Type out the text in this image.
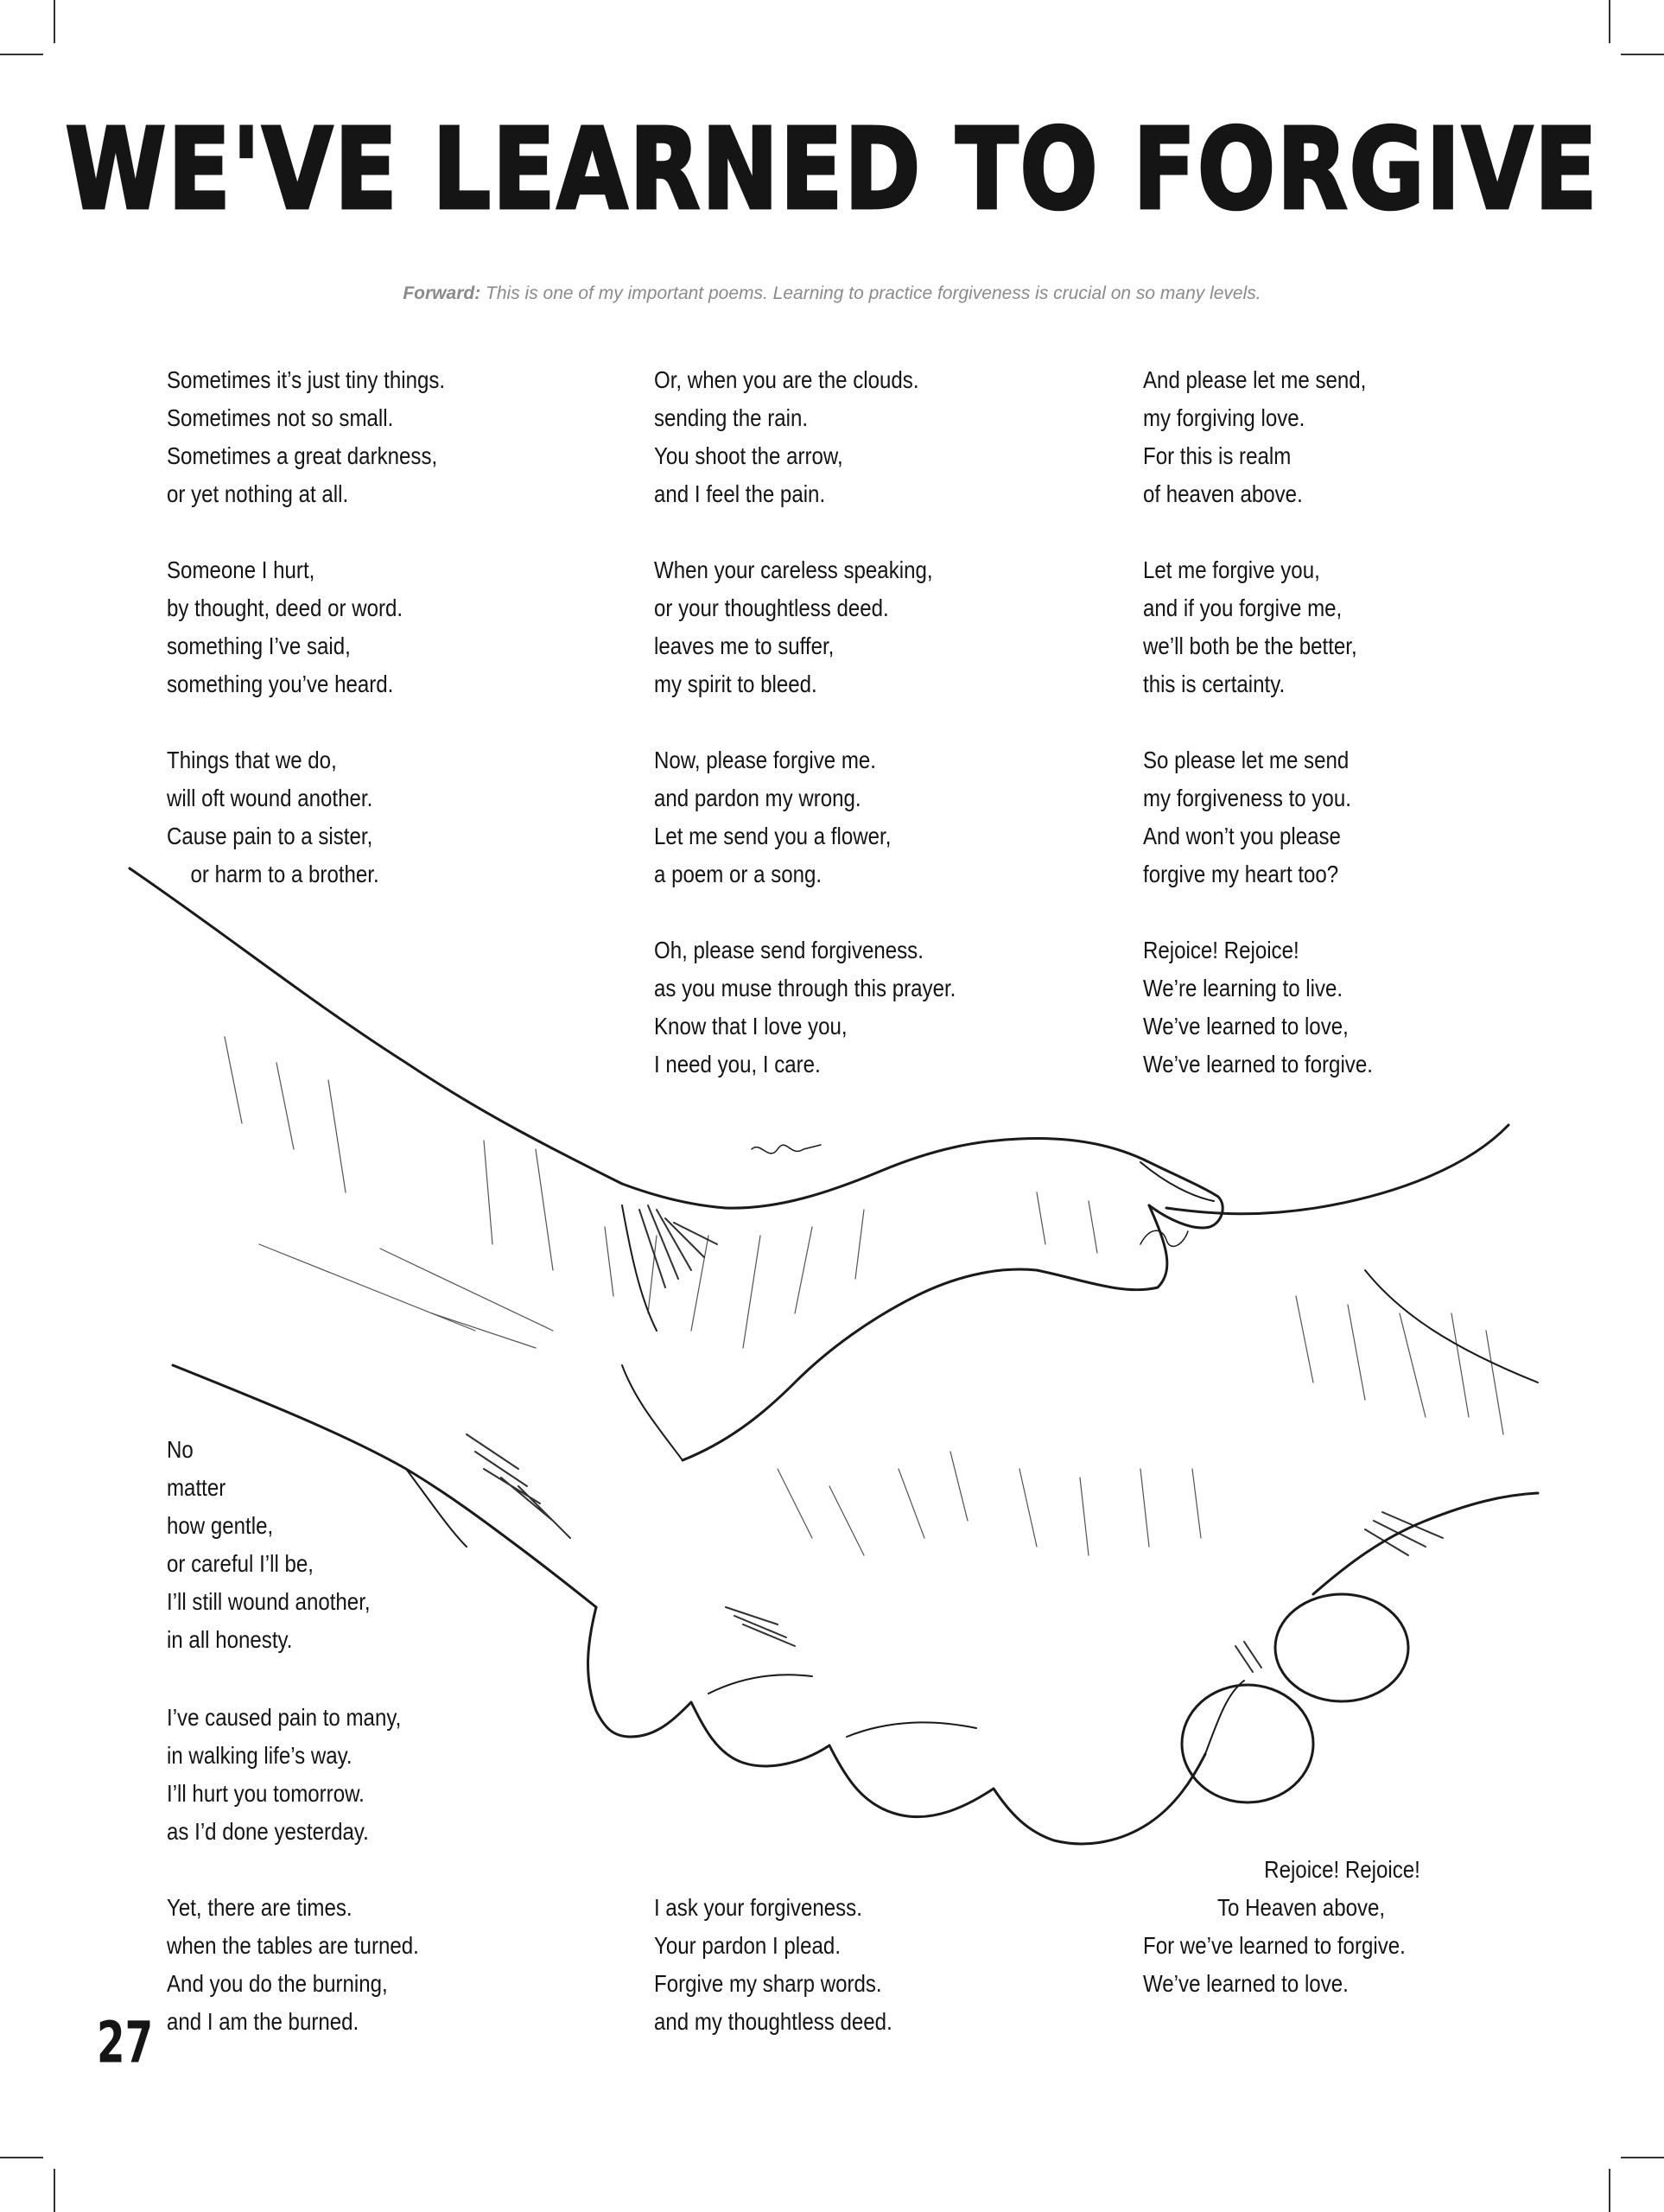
WE'VE LEARNED TO FORGIVE
Forward: This is one of my important poems. Learning to practice forgiveness is crucial on so many levels.
Sometimes it’s just tiny things.
Sometimes not so small.
Sometimes a great darkness,
or yet nothing at all.
Someone I hurt,
by thought, deed or word.
something I’ve said,
something you’ve heard.
Things that we do,
will oft wound another.
Cause pain to a sister,
or harm to a brother.
Or, when you are the clouds.
sending the rain.
You shoot the arrow,
and I feel the pain.
When your careless speaking,
or your thoughtless deed.
leaves me to suffer,
my spirit to bleed.
Now, please forgive me.
and pardon my wrong.
Let me send you a flower,
a poem or a song.
Oh, please send forgiveness.
as you muse through this prayer.
Know that I love you,
I need you, I care.
And please let me send,
my forgiving love.
For this is realm
of heaven above.
Let me forgive you,
and if you forgive me,
we’ll both be the better,
this is certainty.
So please let me send
my forgiveness to you.
And won’t you please
forgive my heart too?
Rejoice! Rejoice!
We’re learning to live.
We’ve learned to love,
We’ve learned to forgive.
No
matter
how gentle,
or careful I’ll be,
I’ll still wound another,
in all honesty.
I’ve caused pain to many,
in walking life’s way.
I’ll hurt you tomorrow.
as I’d done yesterday.
Yet, there are times.
when the tables are turned.
And you do the burning,
and I am the burned.
I ask your forgiveness.
Your pardon I plead.
Forgive my sharp words.
and my thoughtless deed.
Rejoice! Rejoice!
To Heaven above,
For we’ve learned to forgive.
We’ve learned to love.
27
